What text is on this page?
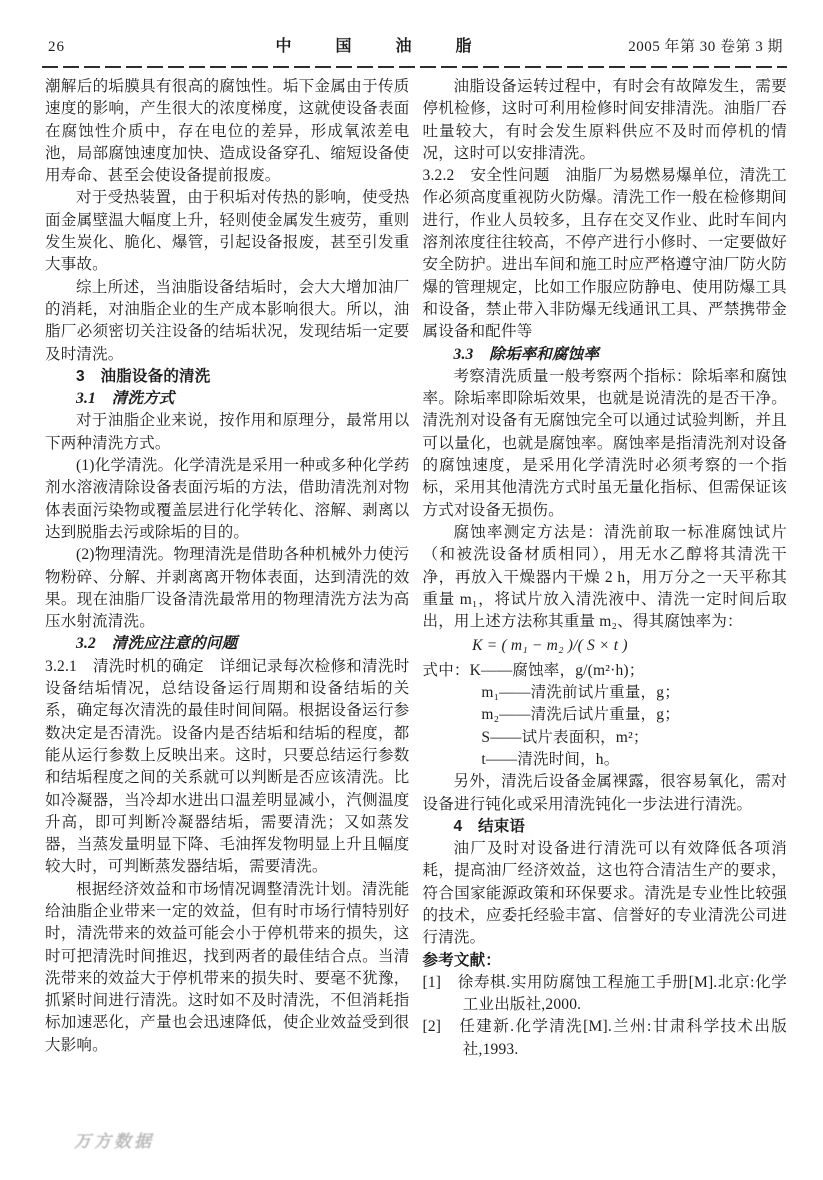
26	中　国　油　脂	2005 年第 30 卷第 3 期

潮解后的垢膜具有很高的腐蚀性。垢下金属由于传质速度的影响，产生很大的浓度梯度，这就使设备表面在腐蚀性介质中，存在电位的差异，形成氧浓差电池，局部腐蚀速度加快、造成设备穿孔、缩短设备使用寿命、甚至会使设备提前报废。

对于受热装置，由于积垢对传热的影响，使受热面金属壁温大幅度上升，轻则使金属发生疲劳，重则发生炭化、脆化、爆管，引起设备报废，甚至引发重大事故。

综上所述，当油脂设备结垢时，会大大增加油厂的消耗，对油脂企业的生产成本影响很大。所以，油脂厂必须密切关注设备的结垢状况，发现结垢一定要及时清洗。

3　油脂设备的清洗

3.1　清洗方式

对于油脂企业来说，按作用和原理分，最常用以下两种清洗方式。

(1)化学清洗。化学清洗是采用一种或多种化学药剂水溶液清除设备表面污垢的方法，借助清洗剂对物体表面污染物或覆盖层进行化学转化、溶解、剥离以达到脱脂去污或除垢的目的。

(2)物理清洗。物理清洗是借助各种机械外力使污物粉碎、分解、并剥离离开物体表面，达到清洗的效果。现在油脂厂设备清洗最常用的物理清洗方法为高压水射流清洗。

3.2　清洗应注意的问题

3.2.1　清洗时机的确定　详细记录每次检修和清洗时设备结垢情况，总结设备运行周期和设备结垢的关系，确定每次清洗的最佳时间间隔。根据设备运行参数决定是否清洗。设备内是否结垢和结垢的程度，都能从运行参数上反映出来。这时，只要总结运行参数和结垢程度之间的关系就可以判断是否应该清洗。比如冷凝器，当冷却水进出口温差明显减小，汽侧温度升高，即可判断冷凝器结垢，需要清洗；又如蒸发器，当蒸发量明显下降、毛油挥发物明显上升且幅度较大时，可判断蒸发器结垢，需要清洗。

根据经济效益和市场情况调整清洗计划。清洗能给油脂企业带来一定的效益，但有时市场行情特别好时，清洗带来的效益可能会小于停机带来的损失，这时可把清洗时间推迟，找到两者的最佳结合点。当清洗带来的效益大于停机带来的损失时、要毫不犹豫，抓紧时间进行清洗。这时如不及时清洗，不但消耗指标加速恶化，产量也会迅速降低，使企业效益受到很大影响。

油脂设备运转过程中，有时会有故障发生，需要停机检修，这时可利用检修时间安排清洗。油脂厂吞吐量较大，有时会发生原料供应不及时而停机的情况，这时可以安排清洗。

3.2.2　安全性问题　油脂厂为易燃易爆单位，清洗工作必须高度重视防火防爆。清洗工作一般在检修期间进行，作业人员较多，且存在交叉作业、此时车间内溶剂浓度往往较高，不停产进行小修时、一定要做好安全防护。进出车间和施工时应严格遵守油厂防火防爆的管理规定，比如工作服应防静电、使用防爆工具和设备，禁止带入非防爆无线通讯工具、严禁携带金属设备和配件等

3.3　除垢率和腐蚀率

考察清洗质量一般考察两个指标：除垢率和腐蚀率。除垢率即除垢效果，也就是说清洗的是否干净。清洗剂对设备有无腐蚀完全可以通过试验判断，并且可以量化，也就是腐蚀率。腐蚀率是指清洗剂对设备的腐蚀速度，是采用化学清洗时必须考察的一个指标，采用其他清洗方式时虽无量化指标、但需保证该方式对设备无损伤。

腐蚀率测定方法是：清洗前取一标准腐蚀试片（和被洗设备材质相同），用无水乙醇将其清洗干净，再放入干燥器内干燥 2 h，用万分之一天平称其重量 m₁，将试片放入清洗液中、清洗一定时间后取出，用上述方法称其重量 m₂、得其腐蚀率为：

K = ( m₁ − m₂ )/( S × t )

式中：K——腐蚀率，g/(m²·h)；

m₁——清洗前试片重量，g；

m₂——清洗后试片重量，g；

S——试片表面积，m²；

t——清洗时间，h。

另外，清洗后设备金属裸露，很容易氧化，需对设备进行钝化或采用清洗钝化一步法进行清洗。

4　结束语

油厂及时对设备进行清洗可以有效降低各项消耗，提高油厂经济效益，这也符合清洁生产的要求，符合国家能源政策和环保要求。清洗是专业性比较强的技术，应委托经验丰富、信誉好的专业清洗公司进行清洗。

参考文献：

[1]　徐寿棋.实用防腐蚀工程施工手册[M].北京:化学工业出版社,2000.

[2]　任建新.化学清洗[M].兰州:甘肃科学技术出版社,1993.

万方数据
